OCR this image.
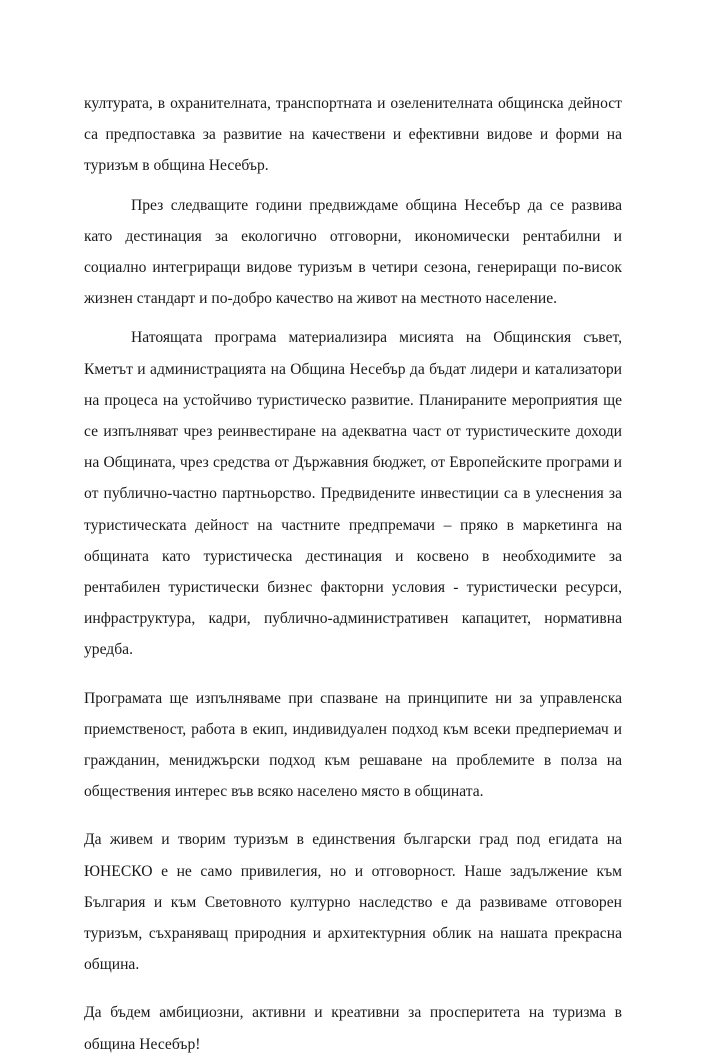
културата, в охранителната, транспортната и озеленителната общинска дейност са предпоставка за развитие на качествени и ефективни видове и форми на туризъм в община Несебър.

През следващите години предвиждаме община Несебър да се развива като дестинация за екологично отговорни, икономически рентабилни и социално интегриращи видове туризъм в четири сезона, генериращи по-висок жизнен стандарт и по-добро качество на живот на местното население.

Натоящата програма материализира мисията на Общинския съвет, Кметът и администрацията на Община Несебър да бъдат лидери и катализатори на процеса на устойчиво туристическо развитие. Планираните мероприятия ще се изпълняват чрез реинвестиране на адекватна част от туристическите доходи на Общината, чрез средства от Държавния бюджет, от Европейските програми и от публично-частно партньорство. Предвидените инвестиции са в улеснения за туристическата дейност на частните предпремачи – пряко в маркетинга на общината като туристическа дестинация и косвено в необходимите за рентабилен туристически бизнес факторни условия - туристически ресурси, инфраструктура, кадри, публично-административен капацитет, нормативна уредба.

Програмата ще изпълняваме при спазване на принципите ни за управленска приемственост, работа в екип, индивидуален подход към всеки предпериемач и гражданин, мениджърски подход към решаване на проблемите в полза на обществения интерес във всяко населено място в общината.

Да живем и творим туризъм в единствения български град под егидата на ЮНЕСКО е не само привилегия, но и отговорност. Наше задължение към България и към Световното културно наследство е да развиваме отговорен туризъм, съхраняващ природния и архитектурния облик на нашата прекрасна община.

Да бъдем амбициозни, активни и креативни за просперитета на туризма в община Несебър!
